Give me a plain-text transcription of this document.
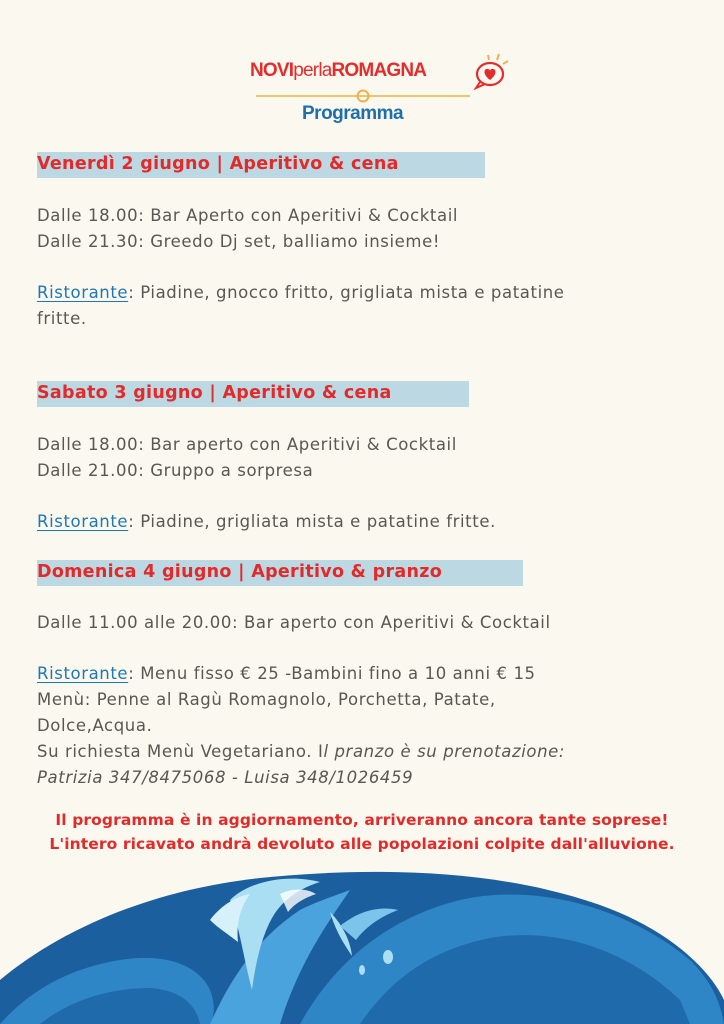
NOVIperlaROMAGNA
Programma
Venerdì 2 giugno | Aperitivo & cena
Dalle 18.00: Bar Aperto con Aperitivi & Cocktail
Dalle 21.30: Greedo Dj set, balliamo insieme!
Ristorante: Piadine, gnocco fritto, grigliata mista e patatine
fritte.
Sabato 3 giugno | Aperitivo & cena
Dalle 18.00: Bar aperto con Aperitivi & Cocktail
Dalle 21.00: Gruppo a sorpresa
Ristorante: Piadine, grigliata mista e patatine fritte.
Domenica 4 giugno | Aperitivo & pranzo
Dalle 11.00 alle 20.00: Bar aperto con Aperitivi & Cocktail
Ristorante: Menu fisso € 25 -Bambini fino a 10 anni € 15
Menù: Penne al Ragù Romagnolo, Porchetta, Patate,
Dolce,Acqua.
Su richiesta Menù Vegetariano. Il pranzo è su prenotazione:
Patrizia 347/8475068 - Luisa 348/1026459
Il programma è in aggiornamento, arriveranno ancora tante soprese!
L'intero ricavato andrà devoluto alle popolazioni colpite dall'alluvione.
